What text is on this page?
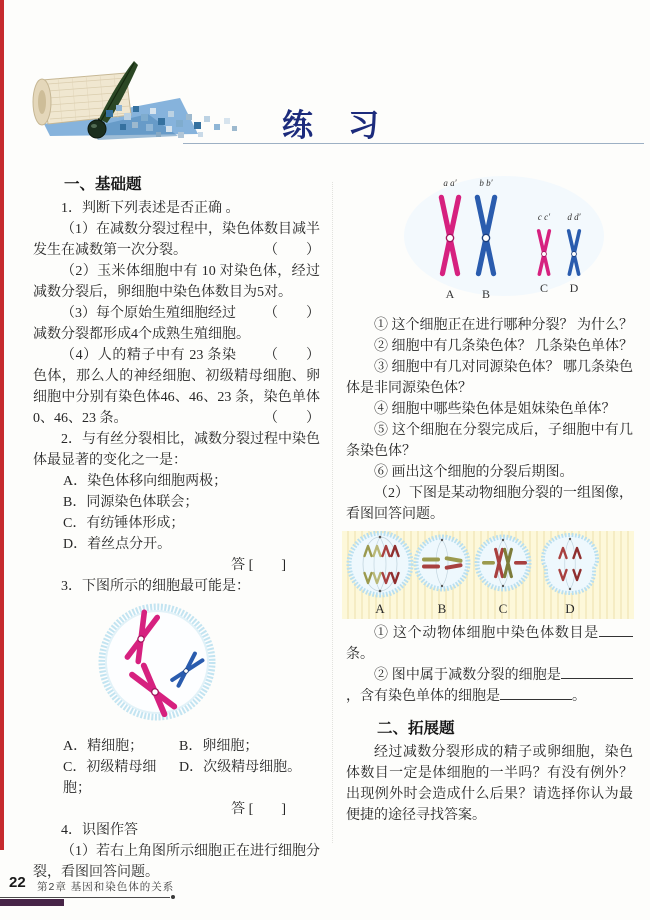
练　习
一、基础题

1．判断下列表述是否正确 。

（1）在减数分裂过程中，染色体数目减半发生在减数第一次分裂。	（　　）

（2）玉米体细胞中有 10 对染色体，经过减数分裂后，卵细胞中染色体数目为5对。
（　　）

（3）每个原始生殖细胞经过减数分裂都形成4个成熟生殖细胞。
（　　）

（4）人的精子中有 23 条染色体，那么人的神经细胞、初级精母细胞、卵细胞中分别有染色体46、46、23 条，染色单体 0、46、23 条。	（　　）

2．与有丝分裂相比，减数分裂过程中染色体最显著的变化之一是：

A．染色体移向细胞两极；

B．同源染色体联会；

C．有纺锤体形成；

D．着丝点分开。

答 [　　]

3．下图所示的细胞最可能是：

A．精细胞；	B．卵细胞；
C．初级精母细胞；
D．次级精母细胞。

答 [　　]

4．识图作答

（1）若右上角图所示细胞正在进行细胞分裂，看图回答问题。

a a′
A
b b′
B
c c′
C
d d′
D

① 这个细胞正在进行哪种分裂？ 为什么？

② 细胞中有几条染色体？ 几条染色单体？

③ 细胞中有几对同源染色体？ 哪几条染色体是非同源染色体？

④ 细胞中哪些染色体是姐妹染色单体？

⑤ 这个细胞在分裂完成后，子细胞中有几条染色体？

⑥ 画出这个细胞的分裂后期图。

（2）下图是某动物细胞分裂的一组图像，看图回答问题。

A	B	C	D

① 这个动物体细胞中染色体数目是条。

② 图中属于减数分裂的细胞是，含有染色单体的细胞是	。

二、拓展题

经过减数分裂形成的精子或卵细胞，染色体数目一定是体细胞的一半吗？有没有例外？出现例外时会造成什么后果？请选择你认为最便捷的途径寻找答案。

22 第2章 基因和染色体的关系
